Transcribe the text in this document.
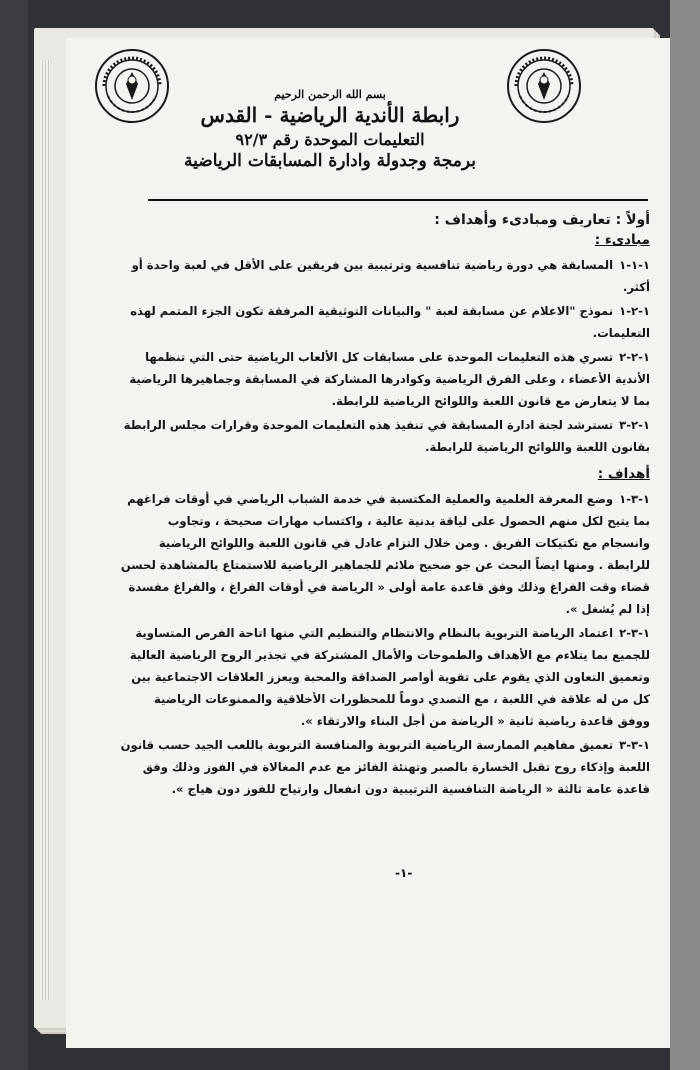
بسم الله الرحمن الرحيم
رابطة الأندية الرياضية - القدس
التعليمات الموحدة رقم ٩٢/٣
برمجة وجدولة وادارة المسابقات الرياضية
أولاً : تعاريف ومبادىء وأهداف :
مبادىء :

١-١-١المسابقة هي دورة رياضية تنافسية وترتيبية بين فريقين على الأقل في لعبة واحدة أو أكثر.

١-٢-١نموذج "الاعلام عن مسابقة لعبة " والبيانات التوثيقية المرفقة تكون الجزء المتمم لهذه التعليمات.

١-٢-٢تسري هذه التعليمات الموحدة على مسابقات كل الألعاب الرياضية حتى التي تنظمها الأندية الأعضاء ، وعلى الفرق الرياضية وكوادرها المشاركة في المسابقة وجماهيرها الرياضية بما لا يتعارض مع قانون اللعبة واللوائح الرياضية للرابطة.

١-٢-٣تسترشد لجنة ادارة المسابقة في تنفيذ هذه التعليمات الموحدة وقرارات مجلس الرابطة بقانون اللعبة واللوائح الرياضية للرابطة.

أهداف :

١-٣-١وضع المعرفة العلمية والعملية المكتسبة في خدمة الشباب الرياضي في أوقات فراغهم بما يتيح لكل منهم الحصول على لياقة بدنية عالية ، واكتساب مهارات صحيحة ، وتجاوب وانسجام مع تكتيكات الفريق . ومن خلال التزام عادل في قانون اللعبة واللوائح الرياضية للرابطة . ومنها ايضاً البحث عن جو صحيح ملائم للجماهير الرياضية للاستمتاع بالمشاهدة لحسن قضاء وقت الفراغ وذلك وفق قاعدة عامة أولى « الرياضة في أوقات الفراغ ، والفراغ مفسدة إذا لم يُشغل ».

١-٣-٢اعتماد الرياضة التربوية بالنظام والانتظام والتنظيم التي منها اتاحة الفرص المتساوية للجميع بما يتلاءم مع الأهداف والطموحات والأمال المشتركة في تجذير الروح الرياضية العالية وتعميق التعاون الذي يقوم على تقوية أواصر الصداقة والمحبة ويعزز العلاقات الاجتماعية بين كل من له علاقة في اللعبة ، مع التصدي دوماً للمحظورات الأخلاقية والممنوعات الرياضية ووفق قاعدة رياضية ثانية « الرياضة من أجل البناء والارتقاء ».

١-٣-٣تعميق مفاهيم الممارسة الرياضية التربوية والمنافسة التربوية باللعب الجيد حسب قانون اللعبة وإذكاء روح تقبل الخسارة بالصبر وتهنئة الفائز مع عدم المغالاة في الفوز وذلك وفق قاعدة عامة ثالثة « الرياضة التنافسية الترتيبية دون انفعال وارتياح للفوز دون هياج ».

-١-
